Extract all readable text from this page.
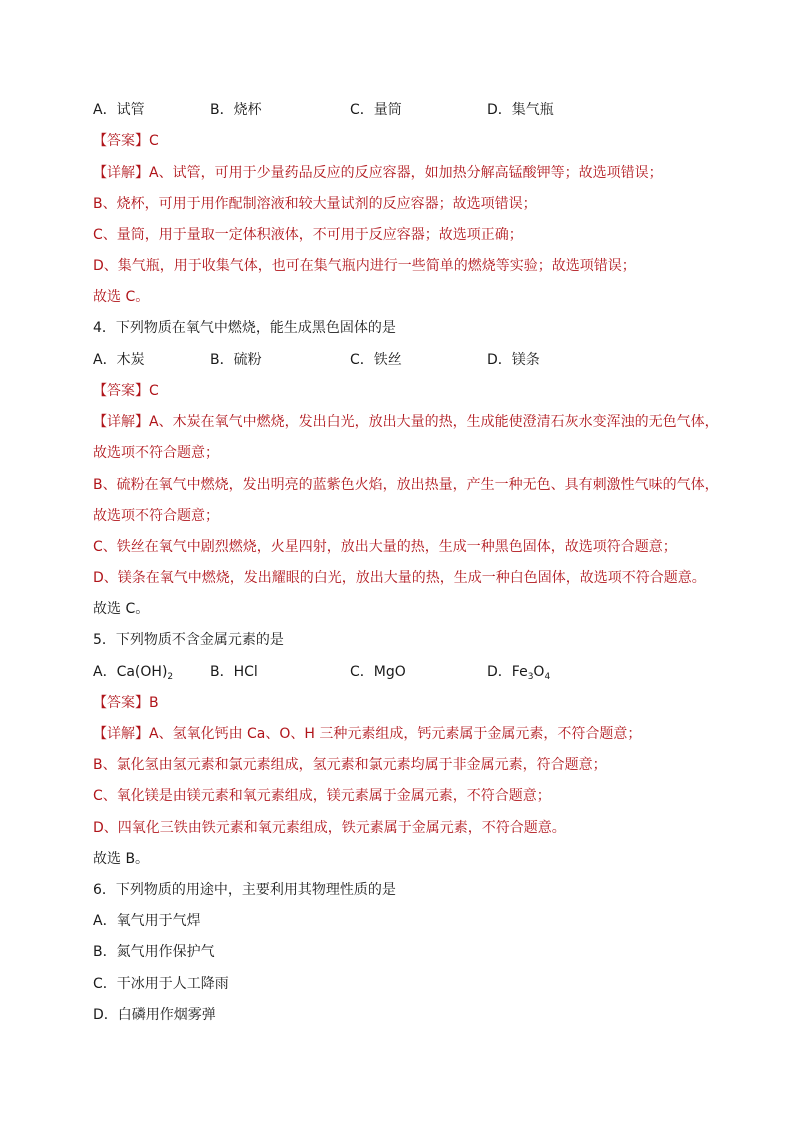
A．试管	B．烧杯	C．量筒	D．集气瓶
【答案】C
【详解】A、试管，可用于少量药品反应的反应容器，如加热分解高锰酸钾等；故选项错误；
B、烧杯，可用于用作配制溶液和较大量试剂的反应容器；故选项错误；
C、量筒，用于量取一定体积液体，不可用于反应容器；故选项正确；
D、集气瓶，用于收集气体，也可在集气瓶内进行一些简单的燃烧等实验；故选项错误；
故选 C。
4．下列物质在氧气中燃烧，能生成黑色固体的是
A．木炭	B．硫粉	C．铁丝	D．镁条
【答案】C
【详解】A、木炭在氧气中燃烧，发出白光，放出大量的热，生成能使澄清石灰水变浑浊的无色气体，
故选项不符合题意；
B、硫粉在氧气中燃烧，发出明亮的蓝紫色火焰，放出热量，产生一种无色、具有刺激性气味的气体，
故选项不符合题意；
C、铁丝在氧气中剧烈燃烧，火星四射，放出大量的热，生成一种黑色固体，故选项符合题意；
D、镁条在氧气中燃烧，发出耀眼的白光，放出大量的热，生成一种白色固体，故选项不符合题意。
故选 C。
5．下列物质不含金属元素的是
A．$Ca(OH)_2$	B．HCl	C．MgO	D．$Fe_3O_4$
【答案】B
【详解】A、氢氧化钙由 Ca、O、H 三种元素组成，钙元素属于金属元素，不符合题意；
B、氯化氢由氢元素和氯元素组成，氢元素和氯元素均属于非金属元素，符合题意；
C、氧化镁是由镁元素和氧元素组成，镁元素属于金属元素，不符合题意；
D、四氧化三铁由铁元素和氧元素组成，铁元素属于金属元素，不符合题意。
故选 B。
6．下列物质的用途中，主要利用其物理性质的是
A．氧气用于气焊
B．氮气用作保护气
C．干冰用于人工降雨
D．白磷用作烟雾弹
